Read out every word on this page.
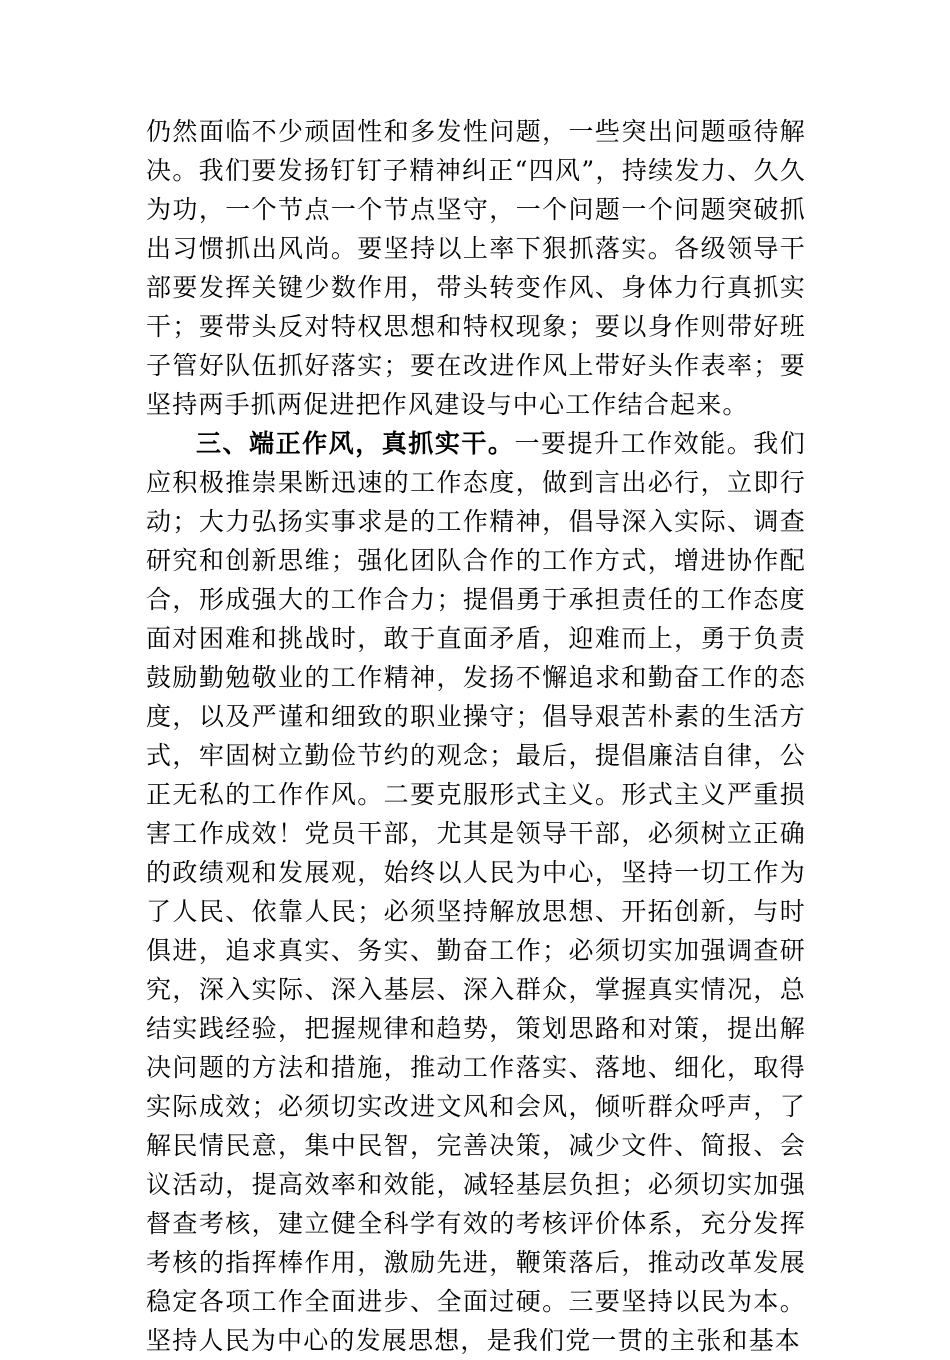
仍然面临不少顽固性和多发性问题，一些突出问题亟待解决。我们要发扬钉钉子精神纠正“四风”，持续发力、久久为功，一个节点一个节点坚守，一个问题一个问题突破抓出习惯抓出风尚。要坚持以上率下狠抓落实。各级领导干部要发挥关键少数作用，带头转变作风、身体力行真抓实干；要带头反对特权思想和特权现象；要以身作则带好班子管好队伍抓好落实；要在改进作风上带好头作表率；要坚持两手抓两促进把作风建设与中心工作结合起来。

三、端正作风，真抓实干。一要提升工作效能。我们应积极推崇果断迅速的工作态度，做到言出必行，立即行动；大力弘扬实事求是的工作精神，倡导深入实际、调查研究和创新思维；强化团队合作的工作方式，增进协作配合，形成强大的工作合力；提倡勇于承担责任的工作态度面对困难和挑战时，敢于直面矛盾，迎难而上，勇于负责鼓励勤勉敬业的工作精神，发扬不懈追求和勤奋工作的态度，以及严谨和细致的职业操守；倡导艰苦朴素的生活方式，牢固树立勤俭节约的观念；最后，提倡廉洁自律，公正无私的工作作风。二要克服形式主义。形式主义严重损害工作成效！党员干部，尤其是领导干部，必须树立正确的政绩观和发展观，始终以人民为中心，坚持一切工作为了人民、依靠人民；必须坚持解放思想、开拓创新，与时俱进，追求真实、务实、勤奋工作；必须切实加强调查研究，深入实际、深入基层、深入群众，掌握真实情况，总结实践经验，把握规律和趋势，策划思路和对策，提出解决问题的方法和措施，推动工作落实、落地、细化，取得实际成效；必须切实改进文风和会风，倾听群众呼声，了解民情民意，集中民智，完善决策，减少文件、简报、会议活动，提高效率和效能，减轻基层负担；必须切实加强督查考核，建立健全科学有效的考核评价体系，充分发挥考核的指挥棒作用，激励先进，鞭策落后，推动改革发展稳定各项工作全面进步、全面过硬。三要坚持以民为本。坚持人民为中心的发展思想，是我们党一贯的主张和基本
